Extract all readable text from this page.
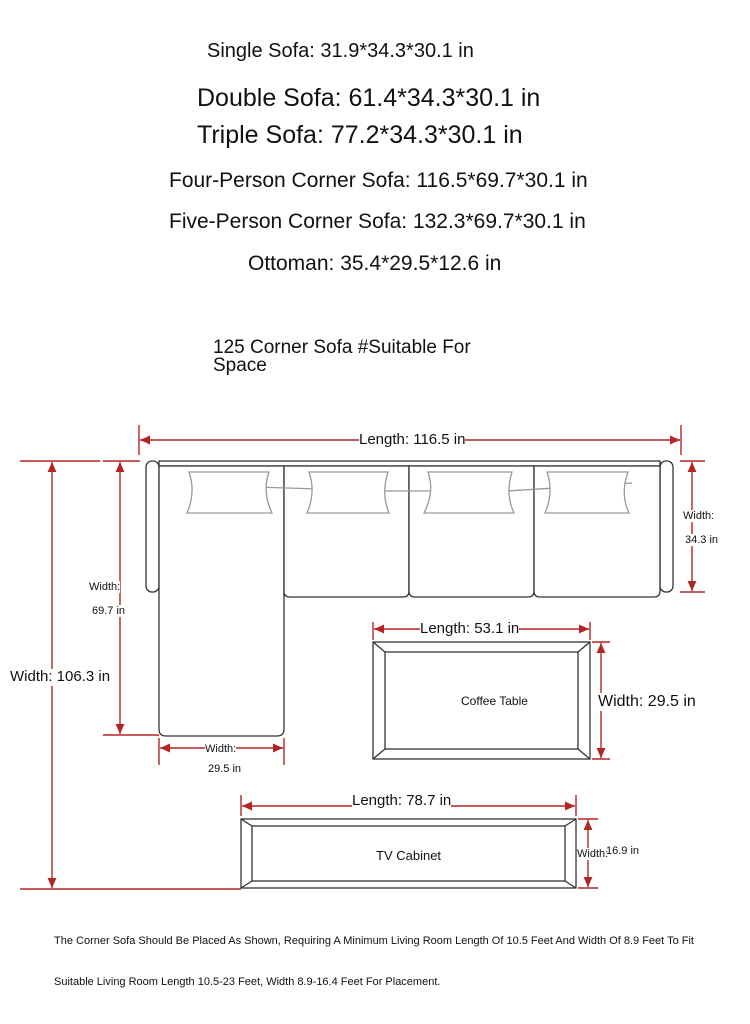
Single Sofa: 31.9*34.3*30.1 in
Double Sofa: 61.4*34.3*30.1 in
Triple Sofa: 77.2*34.3*30.1 in
Four-Person Corner Sofa: 116.5*69.7*30.1 in
Five-Person Corner Sofa: 132.3*69.7*30.1 in
Ottoman: 35.4*29.5*12.6 in
125 Corner Sofa #Suitable For Space
Length: 116.5 in
Width:
34.3 in
Width:
69.7 in
Width: 106.3 in
Width:
29.5 in
Length: 53.1 in
Coffee Table	Width: 29.5 in
Length: 78.7 in
TV Cabinet	Width:
16.9 in
The Corner Sofa Should Be Placed As Shown, Requiring A Minimum Living Room Length Of 10.5 Feet And Width Of 8.9 Feet To Fit
Suitable Living Room Length 10.5-23 Feet, Width 8.9-16.4 Feet For Placement.
